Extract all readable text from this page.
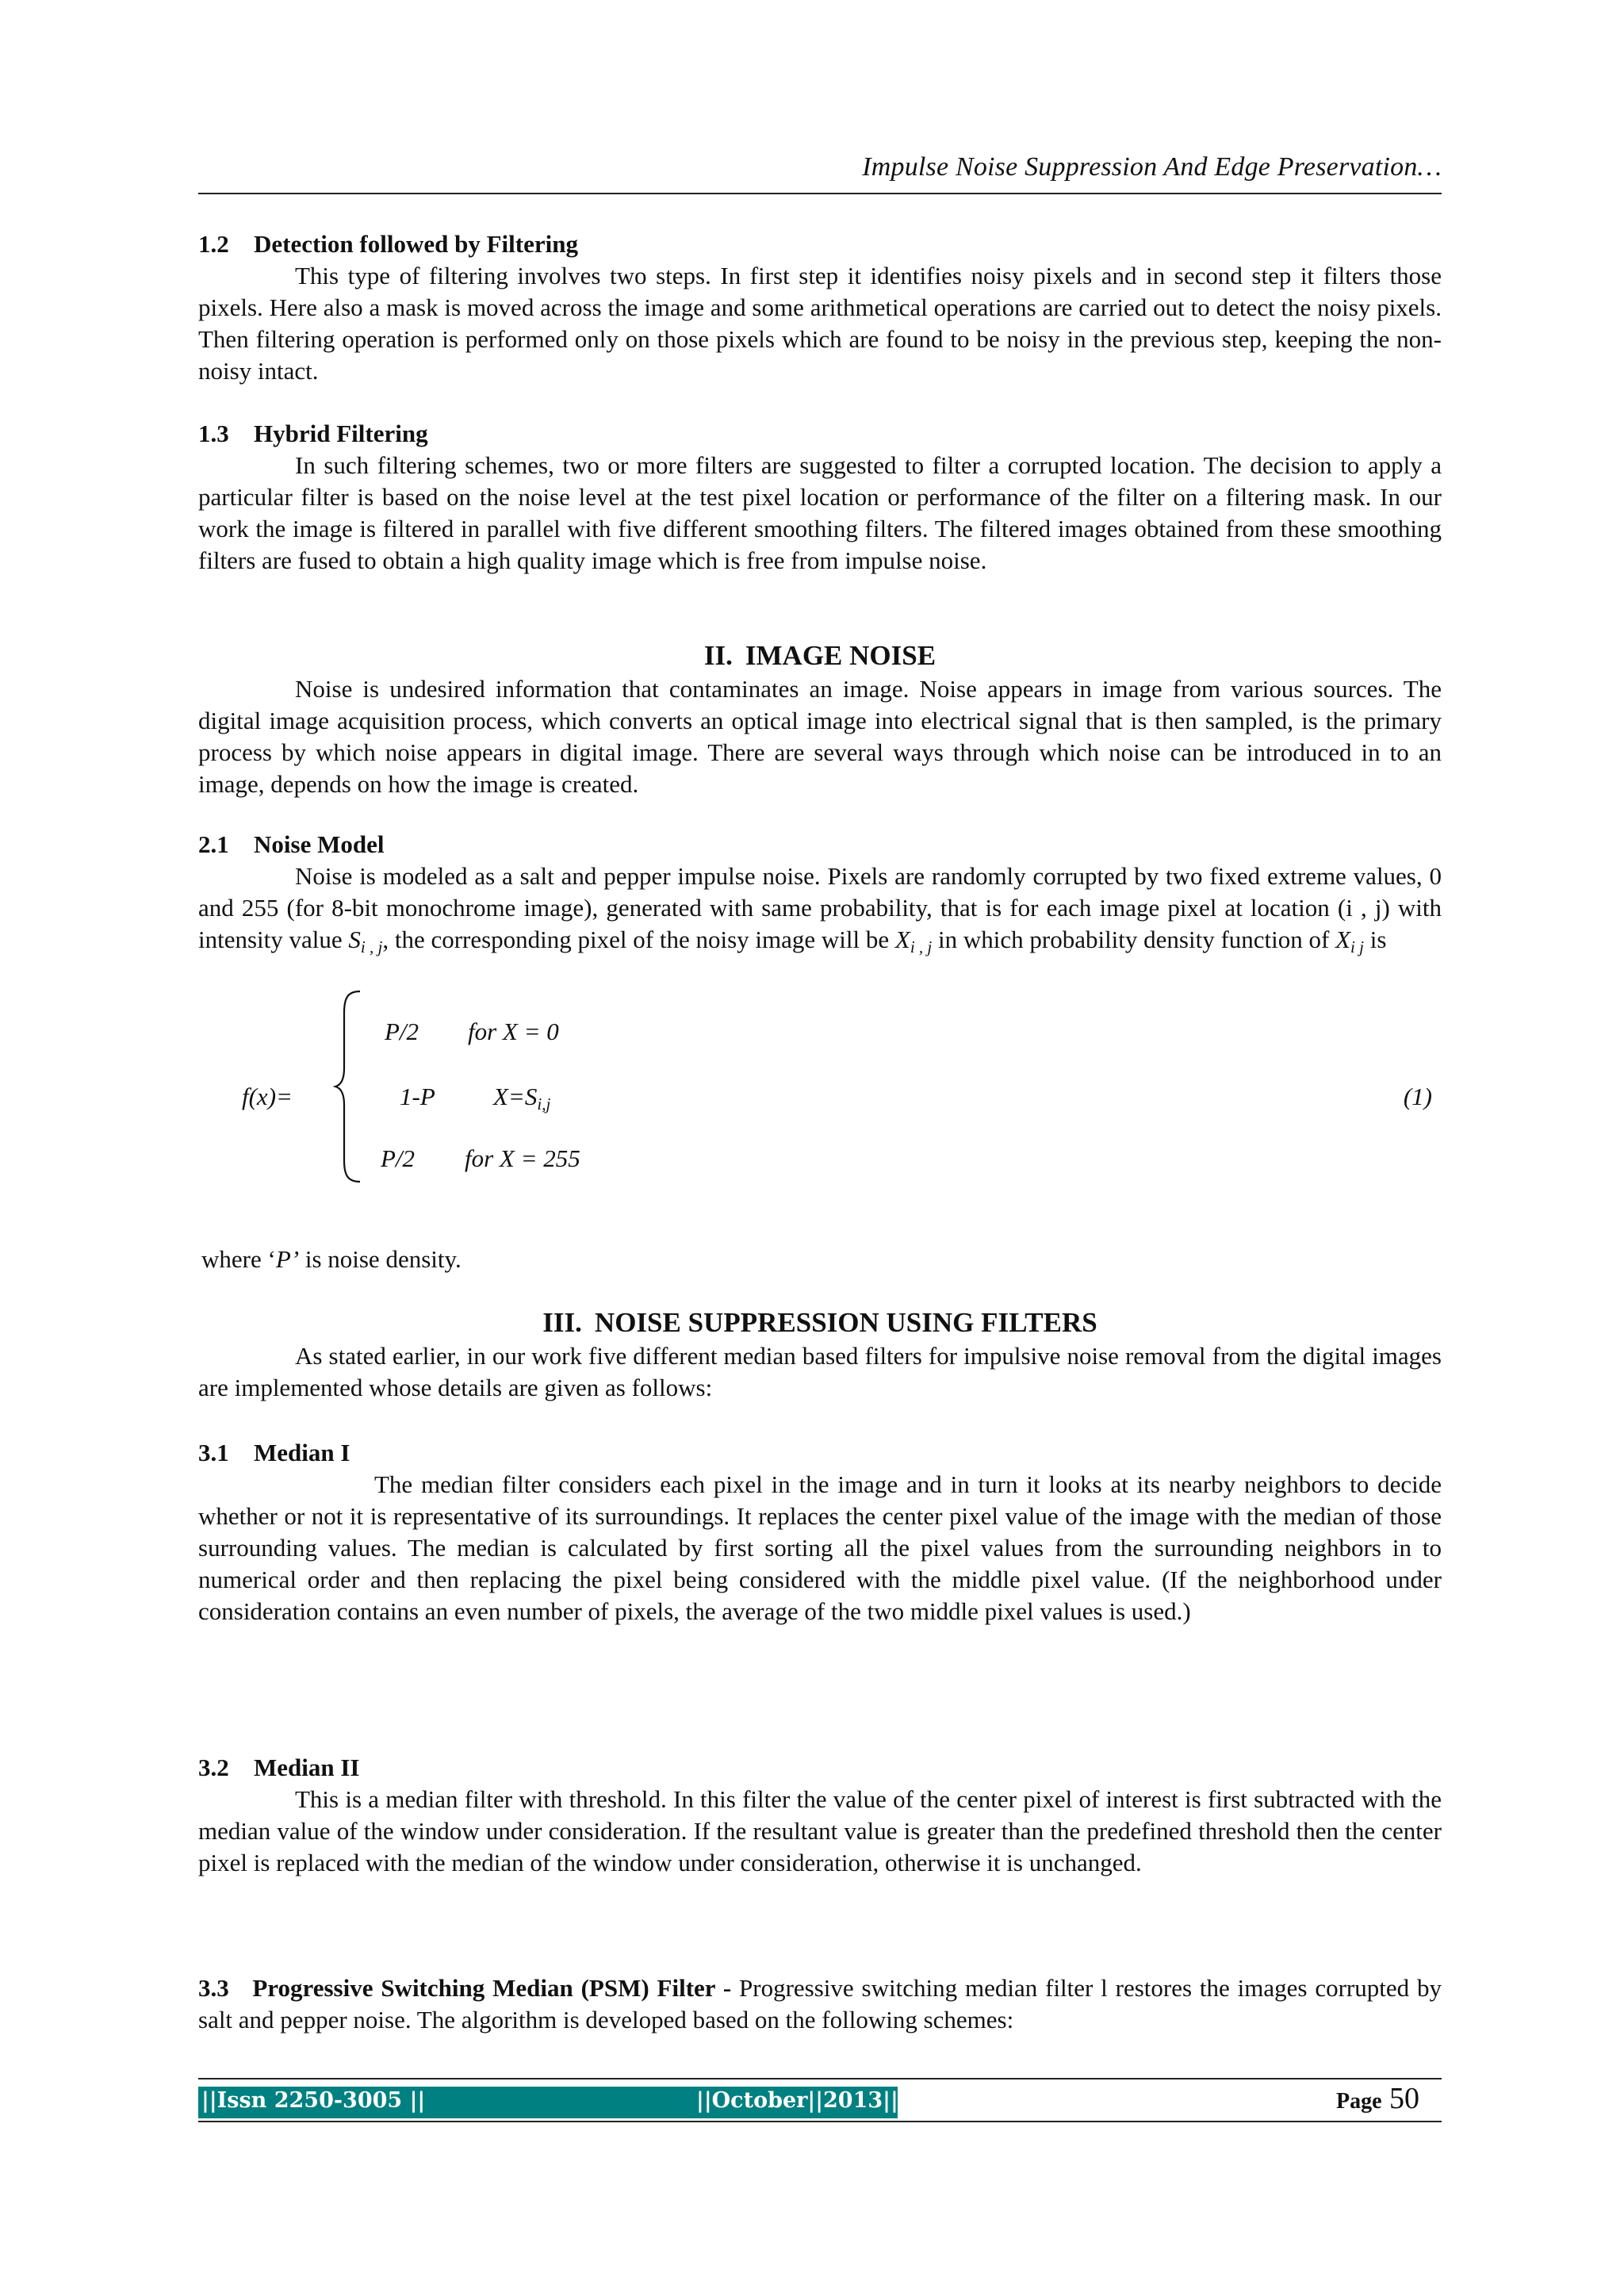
Impulse Noise Suppression And Edge Preservation…

1.2 Detection followed by Filtering

This type of filtering involves two steps. In first step it identifies noisy pixels and in second step it filters those pixels. Here also a mask is moved across the image and some arithmetical operations are carried out to detect the noisy pixels. Then filtering operation is performed only on those pixels which are found to be noisy in the previous step, keeping the non-noisy intact.

1.3 Hybrid Filtering

In such filtering schemes, two or more filters are suggested to filter a corrupted location. The decision to apply a particular filter is based on the noise level at the test pixel location or performance of the filter on a filtering mask. In our work the image is filtered in parallel with five different smoothing filters. The filtered images obtained from these smoothing filters are fused to obtain a high quality image which is free from impulse noise.

II. IMAGE NOISE

Noise is undesired information that contaminates an image. Noise appears in image from various sources. The digital image acquisition process, which converts an optical image into electrical signal that is then sampled, is the primary process by which noise appears in digital image. There are several ways through which noise can be introduced in to an image, depends on how the image is created.

2.1 Noise Model

Noise is modeled as a salt and pepper impulse noise. Pixels are randomly corrupted by two fixed extreme values, 0 and 255 (for 8-bit monochrome image), generated with same probability, that is for each image pixel at location (i , j) with intensity value $S_{i , j}$, the corresponding pixel of the noisy image will be $X_{i , j}$ in which probability density function of $X_{i j}$ is

f(x)=
P/2 for X = 0
1-P $X=S_{i,j}$
P/2 for X = 255
(1)

where ‘P’ is noise density.

III. NOISE SUPPRESSION USING FILTERS

As stated earlier, in our work five different median based filters for impulsive noise removal from the digital images are implemented whose details are given as follows:

3.1 Median I

The median filter considers each pixel in the image and in turn it looks at its nearby neighbors to decide whether or not it is representative of its surroundings. It replaces the center pixel value of the image with the median of those surrounding values. The median is calculated by first sorting all the pixel values from the surrounding neighbors in to numerical order and then replacing the pixel being considered with the middle pixel value. (If the neighborhood under consideration contains an even number of pixels, the average of the two middle pixel values is used.)

3.2 Median II

This is a median filter with threshold. In this filter the value of the center pixel of interest is first subtracted with the median value of the window under consideration. If the resultant value is greater than the predefined threshold then the center pixel is replaced with the median of the window under consideration, otherwise it is unchanged.

3.3 Progressive Switching Median (PSM) Filter - Progressive switching median filter l restores the images corrupted by salt and pepper noise. The algorithm is developed based on the following schemes:

||Issn 2250-3005 ||	||October||2013||	Page 50
